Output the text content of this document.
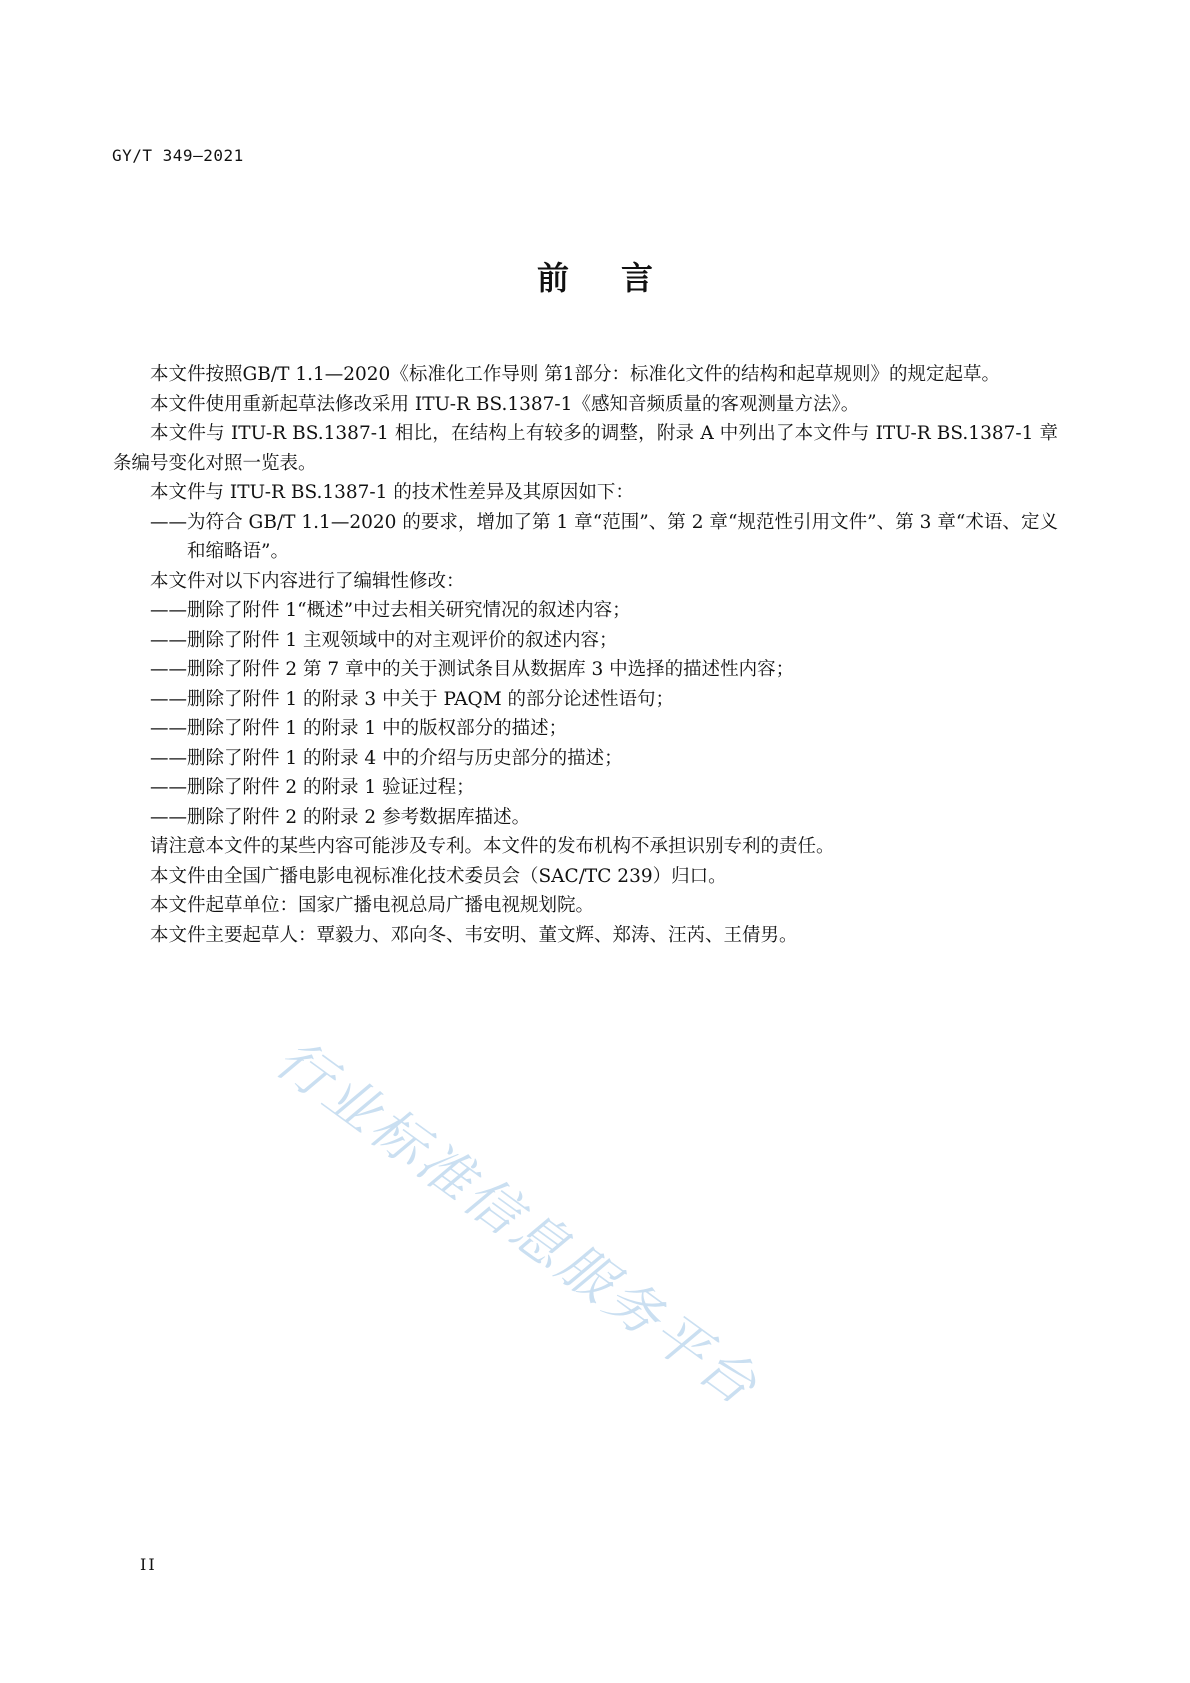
GY/T 349—2021
前言

本文件按照GB/T 1.1—2020《标准化工作导则 第1部分：标准化文件的结构和起草规则》的规定起草。

本文件使用重新起草法修改采用 ITU-R BS.1387-1《感知音频质量的客观测量方法》。

本文件与 ITU-R BS.1387-1 相比，在结构上有较多的调整，附录 A 中列出了本文件与 ITU-R BS.1387-1 章条编号变化对照一览表。

本文件与 ITU-R BS.1387-1 的技术性差异及其原因如下：

——为符合 GB/T 1.1—2020 的要求，增加了第 1 章“范围”、第 2 章“规范性引用文件”、第 3 章“术语、定义和缩略语”。

本文件对以下内容进行了编辑性修改：

——删除了附件 1“概述”中过去相关研究情况的叙述内容；

——删除了附件 1 主观领域中的对主观评价的叙述内容；

——删除了附件 2 第 7 章中的关于测试条目从数据库 3 中选择的描述性内容；

——删除了附件 1 的附录 3 中关于 PAQM 的部分论述性语句；

——删除了附件 1 的附录 1 中的版权部分的描述；

——删除了附件 1 的附录 4 中的介绍与历史部分的描述；

——删除了附件 2 的附录 1 验证过程；

——删除了附件 2 的附录 2 参考数据库描述。

请注意本文件的某些内容可能涉及专利。本文件的发布机构不承担识别专利的责任。

本文件由全国广播电影电视标准化技术委员会（SAC/TC 239）归口。

本文件起草单位：国家广播电视总局广播电视规划院。

本文件主要起草人：覃毅力、邓向冬、韦安明、董文辉、郑涛、汪芮、王倩男。

行业标准信息服务平台
II
